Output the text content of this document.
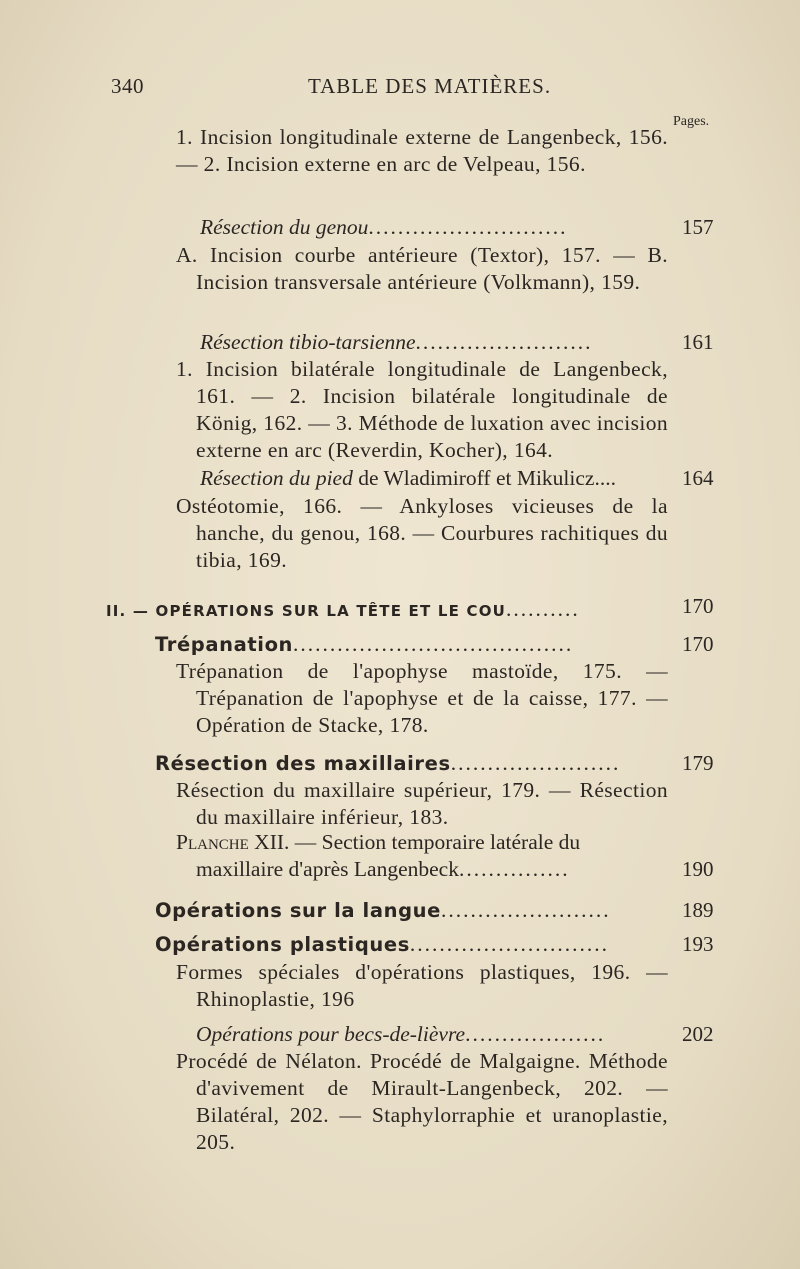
340	TABLE DES MATIÈRES.
Pages.

1. Incision longitudinale externe de Langenbeck, 156. — 2. Incision externe en arc de Velpeau, 156.

Résection du genou...........................	157

A. Incision courbe antérieure (Textor), 157. — B. Incision transversale antérieure (Volkmann), 159.

Résection tibio-tarsienne........................	161

1. Incision bilatérale longitudinale de Langenbeck, 161. — 2. Incision bilatérale longitudinale de König, 162. — 3. Méthode de luxation avec incision externe en arc (Reverdin, Kocher), 164.

Résection du pied de Wladimiroff et Mikulicz....	164

Ostéotomie, 166. — Ankyloses vicieuses de la hanche, du genou, 168. — Courbures rachitiques du tibia, 169.

II. — OPÉRATIONS SUR LA TÊTE ET LE COU..........	170
Trépanation......................................	170

Trépanation de l'apophyse mastoïde, 175. — Trépanation de l'apophyse et de la caisse, 177. — Opération de Stacke, 178.

Résection des maxillaires.......................	179

Résection du maxillaire supérieur, 179. — Résection du maxillaire inférieur, 183.

Planche XII. — Section temporaire latérale du
maxillaire d'après Langenbeck...............	190
Opérations sur la langue.......................	189
Opérations plastiques...........................	193

Formes spéciales d'opérations plastiques, 196. — Rhinoplastie, 196

Opérations pour becs-de-lièvre...................	202

Procédé de Nélaton. Procédé de Malgaigne. Méthode d'avivement de Mirault-Langenbeck, 202. — Bilatéral, 202. — Staphylorraphie et uranoplastie, 205.
